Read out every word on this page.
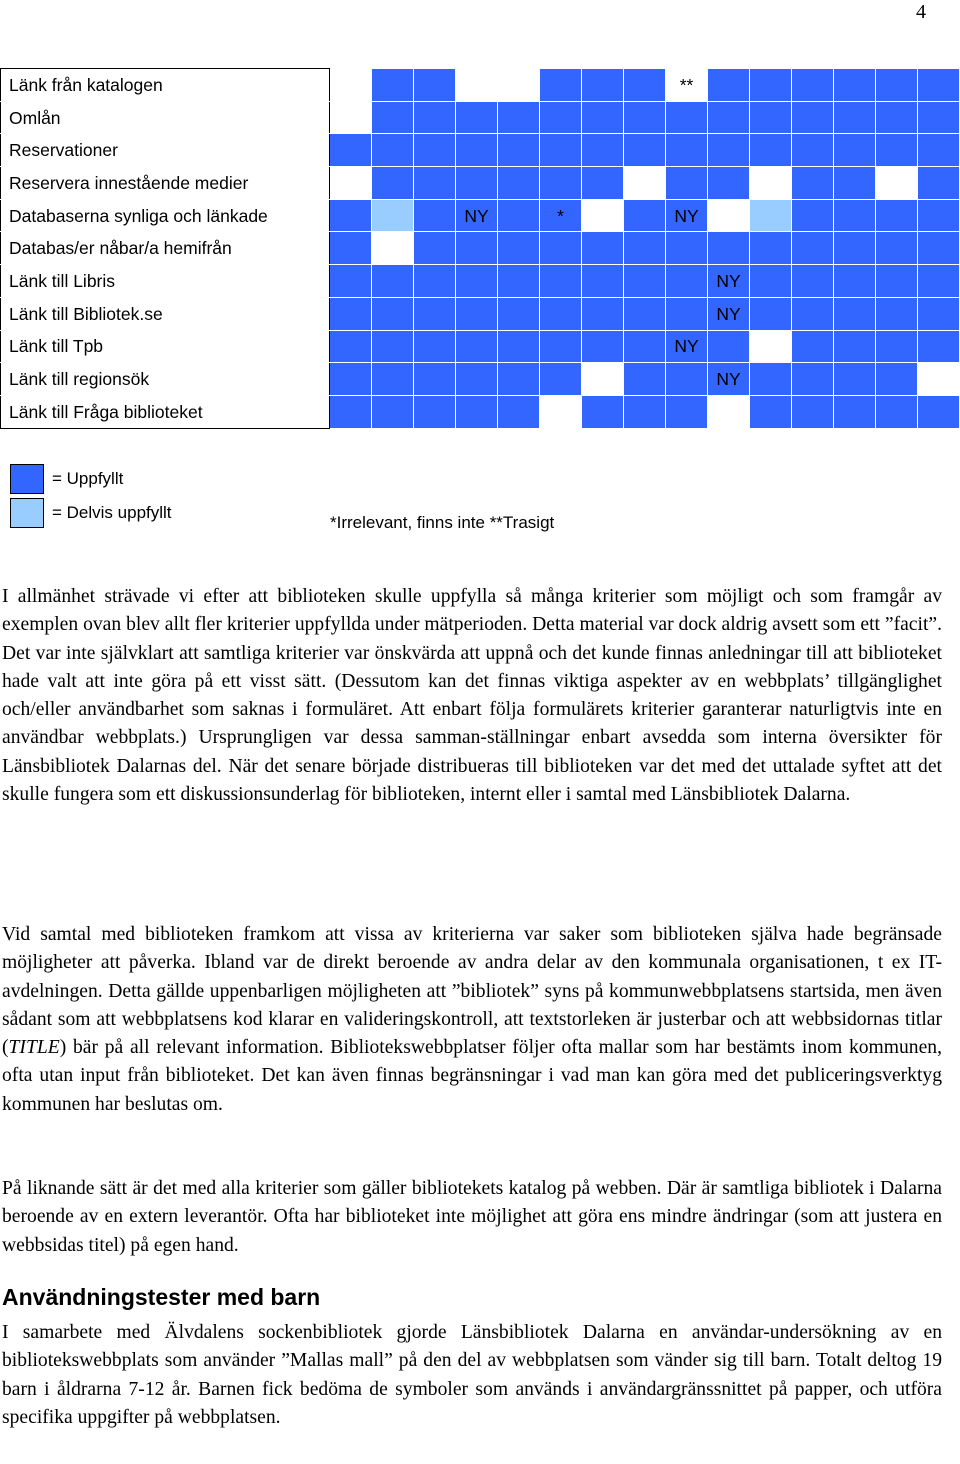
4
Länk från katalogen									**						
Omlån															
Reservationer															
Reservera innestående medier															
Databaserna synliga och länkade				NY		*			NY						
Databas/er nåbar/a hemifrån															
Länk till Libris										NY					
Länk till Bibliotek.se										NY					
Länk till Tpb									NY						
Länk till regionsök										NY					
Länk till Fråga biblioteket															
= Uppfyllt
= Delvis uppfyllt
*Irrelevant, finns inte **Trasigt

I allmänhet strävade vi efter att biblioteken skulle uppfylla så många kriterier som möjligt och som framgår av exemplen ovan blev allt fler kriterier uppfyllda under mätperioden. Detta material var dock aldrig avsett som ett ”facit”. Det var inte självklart att samtliga kriterier var önskvärda att uppnå och det kunde finnas anledningar till att biblioteket hade valt att inte göra på ett visst sätt. (Dessutom kan det finnas viktiga aspekter av en webbplats’ tillgänglighet och/eller användbarhet som saknas i formuläret. Att enbart följa formulärets kriterier garanterar naturligtvis inte en användbar webbplats.) Ursprungligen var dessa samman-ställningar enbart avsedda som interna översikter för Länsbibliotek Dalarnas del. När det senare började distribueras till biblioteken var det med det uttalade syftet att det skulle fungera som ett diskussionsunderlag för biblioteken, internt eller i samtal med Länsbibliotek Dalarna.

Vid samtal med biblioteken framkom att vissa av kriterierna var saker som biblioteken själva hade begränsade möjligheter att påverka. Ibland var de direkt beroende av andra delar av den kommunala organisationen, t ex IT-avdelningen. Detta gällde uppenbarligen möjligheten att ”bibliotek” syns på kommunwebbplatsens startsida, men även sådant som att webbplatsens kod klarar en valideringskontroll, att textstorleken är justerbar och att webbsidornas titlar (TITLE) bär på all relevant information. Bibliotekswebbplatser följer ofta mallar som har bestämts inom kommunen, ofta utan input från biblioteket. Det kan även finnas begränsningar i vad man kan göra med det publiceringsverktyg kommunen har beslutas om.

På liknande sätt är det med alla kriterier som gäller bibliotekets katalog på webben. Där är samtliga bibliotek i Dalarna beroende av en extern leverantör. Ofta har biblioteket inte möjlighet att göra ens mindre ändringar (som att justera en webbsidas titel) på egen hand.

Användningstester med barn

I samarbete med Älvdalens sockenbibliotek gjorde Länsbibliotek Dalarna en användar-undersökning av en bibliotekswebbplats som använder ”Mallas mall” på den del av webbplatsen som vänder sig till barn. Totalt deltog 19 barn i åldrarna 7-12 år. Barnen fick bedöma de symboler som används i användargränssnittet på papper, och utföra specifika uppgifter på webbplatsen.
